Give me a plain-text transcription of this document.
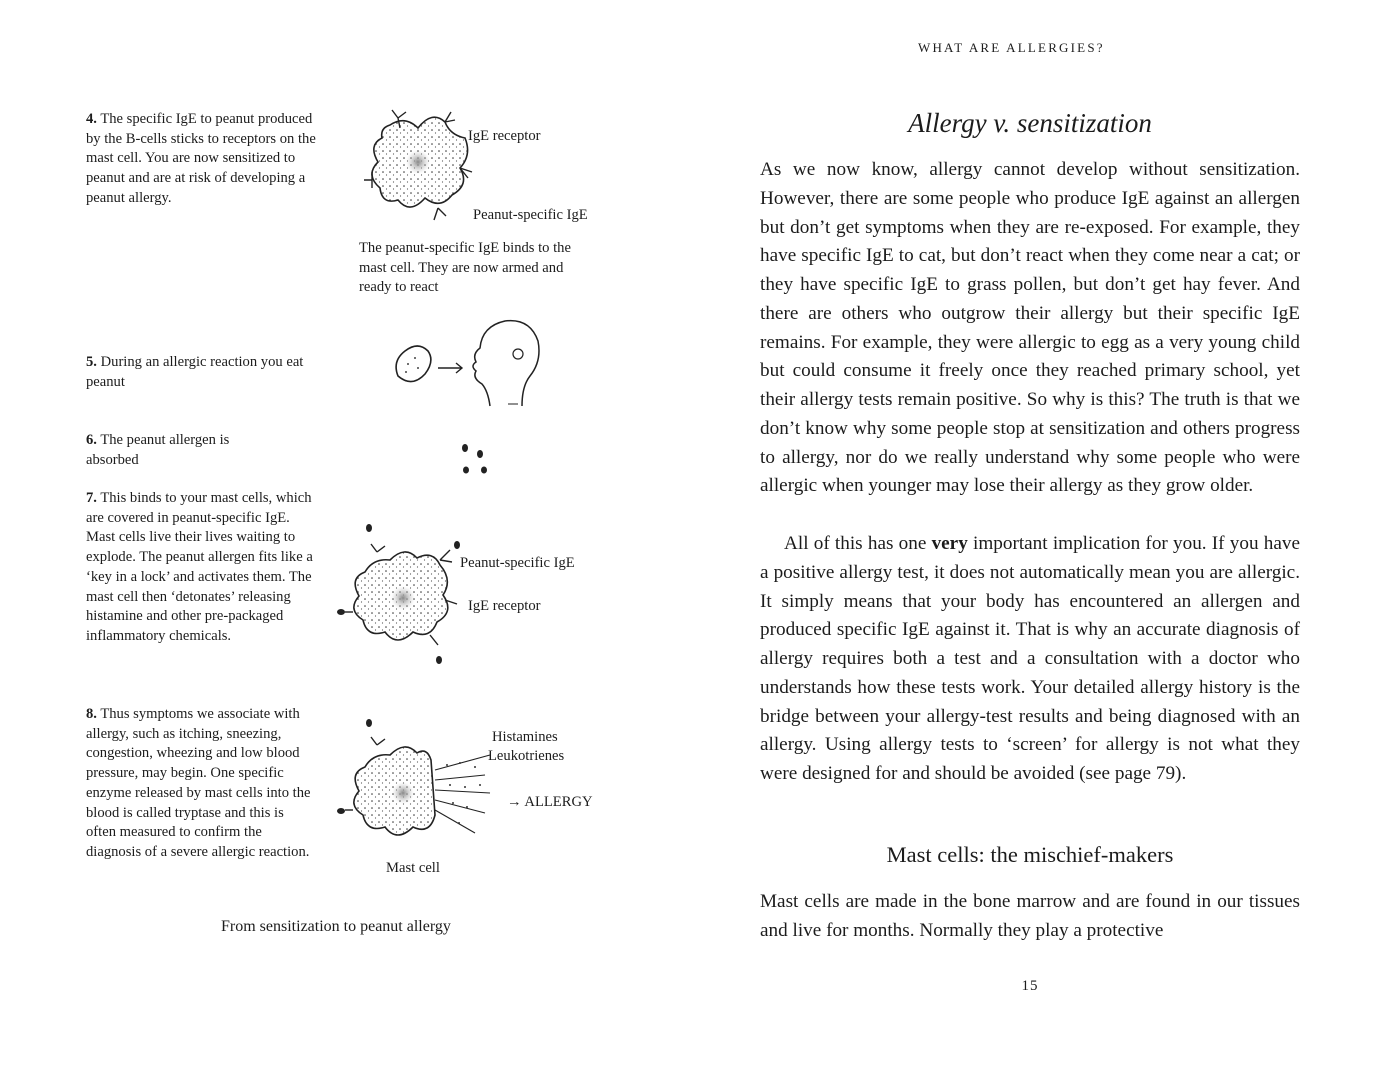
4. The specific IgE to peanut produced by the B-cells sticks to receptors on the mast cell. You are now sensitized to peanut and are at risk of developing a peanut allergy.
5. During an allergic reaction you eat peanut
6. The peanut allergen is absorbed
7. This binds to your mast cells, which are covered in peanut-specific IgE. Mast cells live their lives waiting to explode. The peanut allergen fits like a ‘key in a lock’ and activates them. The mast cell then ‘detonates’ releasing histamine and other pre-packaged inflammatory chemicals.
8. Thus symptoms we associate with allergy, such as itching, sneezing, congestion, wheezing and low blood pressure, may begin. One specific enzyme released by mast cells into the blood is called tryptase and this is often measured to confirm the diagnosis of a severe allergic reaction.
IgE receptor
Peanut-specific IgE
The peanut-specific IgE binds to the mast cell. They are now armed and ready to react
Peanut-specific IgE
IgE receptor
Histamines
Leukotrienes
→ ALLERGY
Mast cell
From sensitization to peanut allergy
WHAT ARE ALLERGIES?
Allergy v. sensitization
As we now know, allergy cannot develop without sensitization. However, there are some people who produce IgE against an allergen but don’t get symptoms when they are re-exposed. For example, they have specific IgE to cat, but don’t react when they come near a cat; or they have specific IgE to grass pollen, but don’t get hay fever. And there are others who outgrow their allergy but their specific IgE remains. For example, they were allergic to egg as a very young child but could consume it freely once they reached primary school, yet their allergy tests remain positive. So why is this? The truth is that we don’t know why some people stop at sensitization and others progress to allergy, nor do we really understand why some people who were allergic when younger may lose their allergy as they grow older.
All of this has one very important implication for you. If you have a positive allergy test, it does not automatically mean you are allergic. It simply means that your body has encountered an allergen and produced specific IgE against it. That is why an accurate diagnosis of allergy requires both a test and a consultation with a doctor who understands how these tests work. Your detailed allergy history is the bridge between your allergy-test results and being diagnosed with an allergy. Using allergy tests to ‘screen’ for allergy is not what they were designed for and should be avoided (see page 79).
Mast cells: the mischief-makers
Mast cells are made in the bone marrow and are found in our tissues and live for months. Normally they play a protective
15
